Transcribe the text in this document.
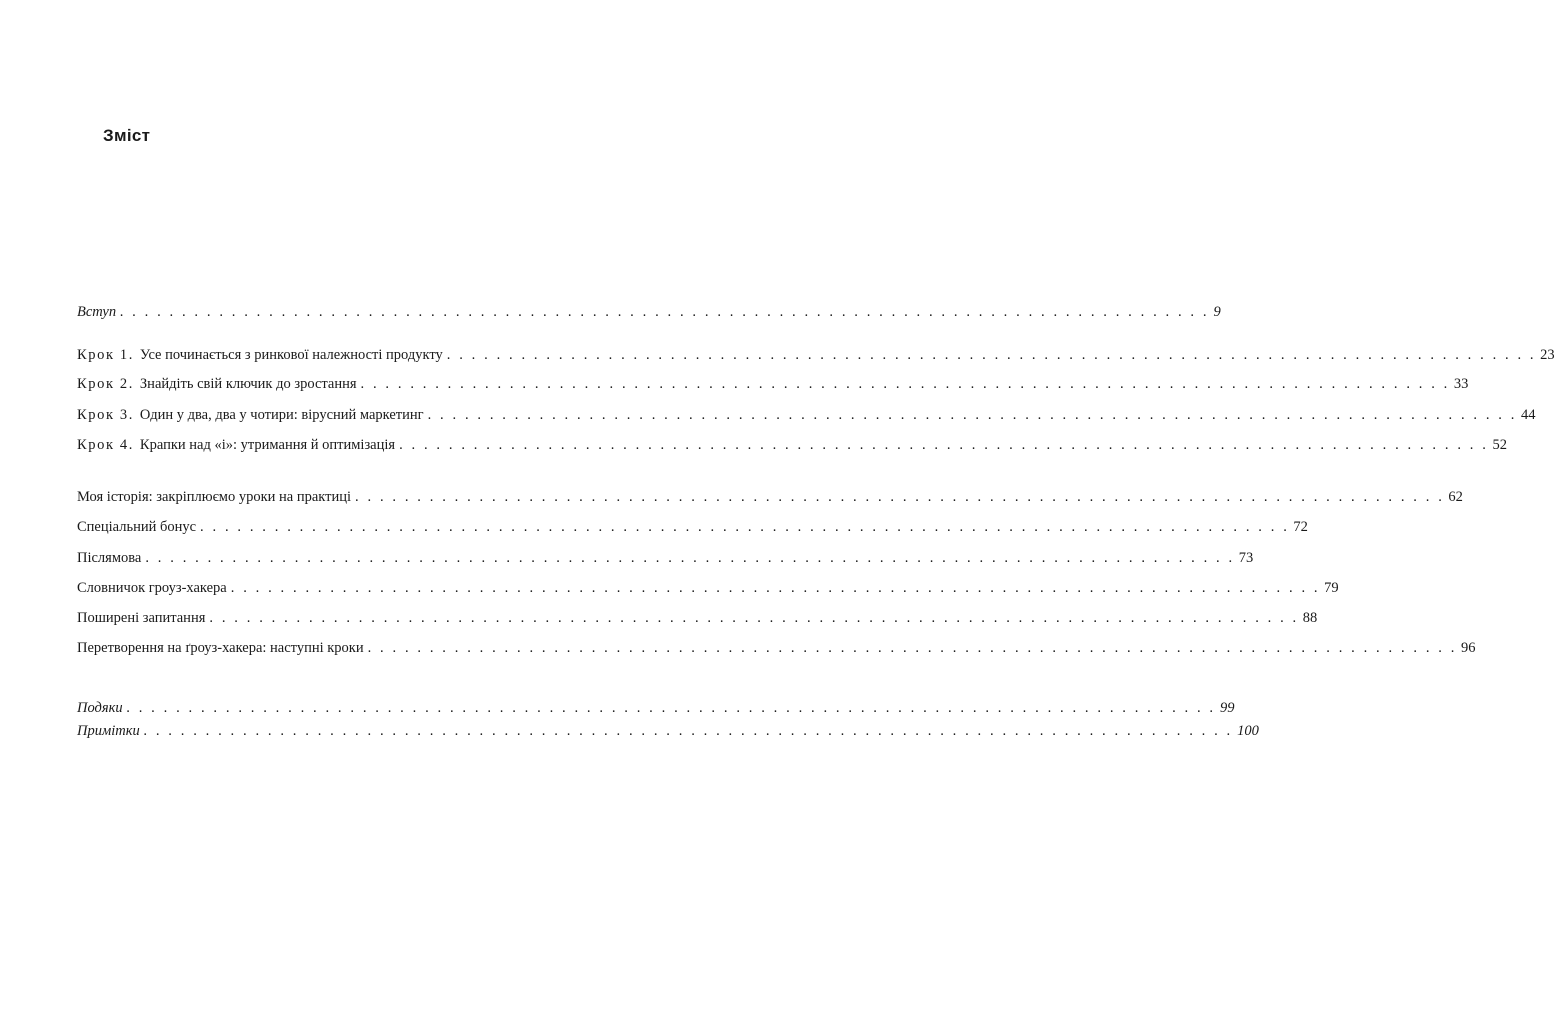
Зміст
Вступ . . . . . . . . . . . . . . . . . . . . . . . . . . . . . . . . . . . . . . . . . . . . . . . . . . . . . . . . . . . . . . . . . . . . . . . . . . . . . . . . . . . . . . . . 9
Крок 1. Усе починається з ринкової належності продукту . . . . . . . . . . . . . . . . . . . . . . . . . . . . . . . . . . . . . . . . . . . . . . . . . . . . . . . . . . . . . . . . . . . . . . . . . . . . . . . . . . . . . . . . 23
Крок 2. Знайдіть свій ключик до зростання . . . . . . . . . . . . . . . . . . . . . . . . . . . . . . . . . . . . . . . . . . . . . . . . . . . . . . . . . . . . . . . . . . . . . . . . . . . . . . . . . . . . . . . . 33
Крок 3. Один у два, два у чотири: вірусний маркетинг . . . . . . . . . . . . . . . . . . . . . . . . . . . . . . . . . . . . . . . . . . . . . . . . . . . . . . . . . . . . . . . . . . . . . . . . . . . . . . . . . . . . . . . . 44
Крок 4. Крапки над «і»: утримання й оптимізація . . . . . . . . . . . . . . . . . . . . . . . . . . . . . . . . . . . . . . . . . . . . . . . . . . . . . . . . . . . . . . . . . . . . . . . . . . . . . . . . . . . . . . . . 52
Моя історія: закріплюємо уроки на практиці . . . . . . . . . . . . . . . . . . . . . . . . . . . . . . . . . . . . . . . . . . . . . . . . . . . . . . . . . . . . . . . . . . . . . . . . . . . . . . . . . . . . . . . . 62
Спеціальний бонус . . . . . . . . . . . . . . . . . . . . . . . . . . . . . . . . . . . . . . . . . . . . . . . . . . . . . . . . . . . . . . . . . . . . . . . . . . . . . . . . . . . . . . . . 72
Післямова . . . . . . . . . . . . . . . . . . . . . . . . . . . . . . . . . . . . . . . . . . . . . . . . . . . . . . . . . . . . . . . . . . . . . . . . . . . . . . . . . . . . . . . . 73
Словничок гроуз-хакера . . . . . . . . . . . . . . . . . . . . . . . . . . . . . . . . . . . . . . . . . . . . . . . . . . . . . . . . . . . . . . . . . . . . . . . . . . . . . . . . . . . . . . . . 79
Поширені запитання . . . . . . . . . . . . . . . . . . . . . . . . . . . . . . . . . . . . . . . . . . . . . . . . . . . . . . . . . . . . . . . . . . . . . . . . . . . . . . . . . . . . . . . . 88
Перетворення на ґроуз-хакера: наступні кроки . . . . . . . . . . . . . . . . . . . . . . . . . . . . . . . . . . . . . . . . . . . . . . . . . . . . . . . . . . . . . . . . . . . . . . . . . . . . . . . . . . . . . . . . 96
Подяки . . . . . . . . . . . . . . . . . . . . . . . . . . . . . . . . . . . . . . . . . . . . . . . . . . . . . . . . . . . . . . . . . . . . . . . . . . . . . . . . . . . . . . . . 99
Примітки . . . . . . . . . . . . . . . . . . . . . . . . . . . . . . . . . . . . . . . . . . . . . . . . . . . . . . . . . . . . . . . . . . . . . . . . . . . . . . . . . . . . . . . . 100
